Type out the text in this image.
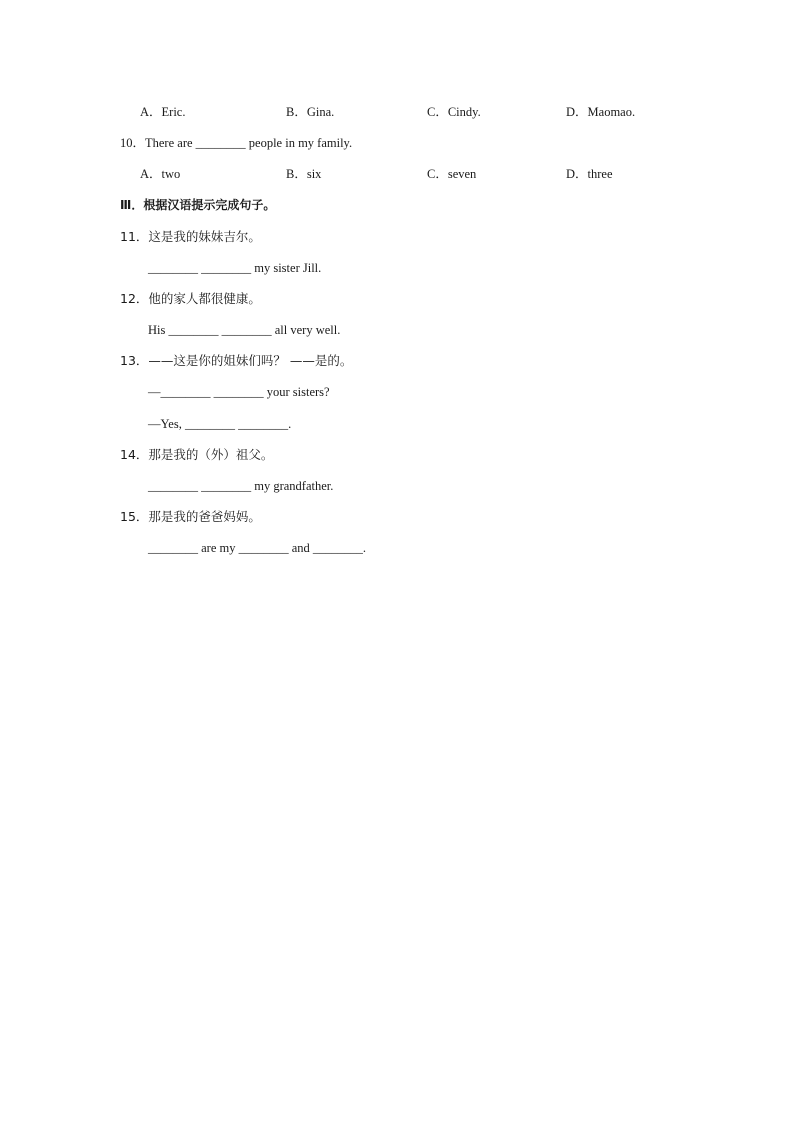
A．Eric.	B．Gina.	C．Cindy.	D．Maomao.
10．There are ________ people in my family.
A．two	B．six	C．seven	D．three
Ⅲ．根据汉语提示完成句子。
11．这是我的妹妹吉尔。
________ ________ my sister Jill.
12．他的家人都很健康。
His ________ ________ all very well.
13．——这是你的姐妹们吗？ ——是的。
—________ ________ your sisters?
—Yes, ________ ________.
14．那是我的（外）祖父。
________ ________ my grandfather.
15．那是我的爸爸妈妈。
________ are my ________ and ________.
